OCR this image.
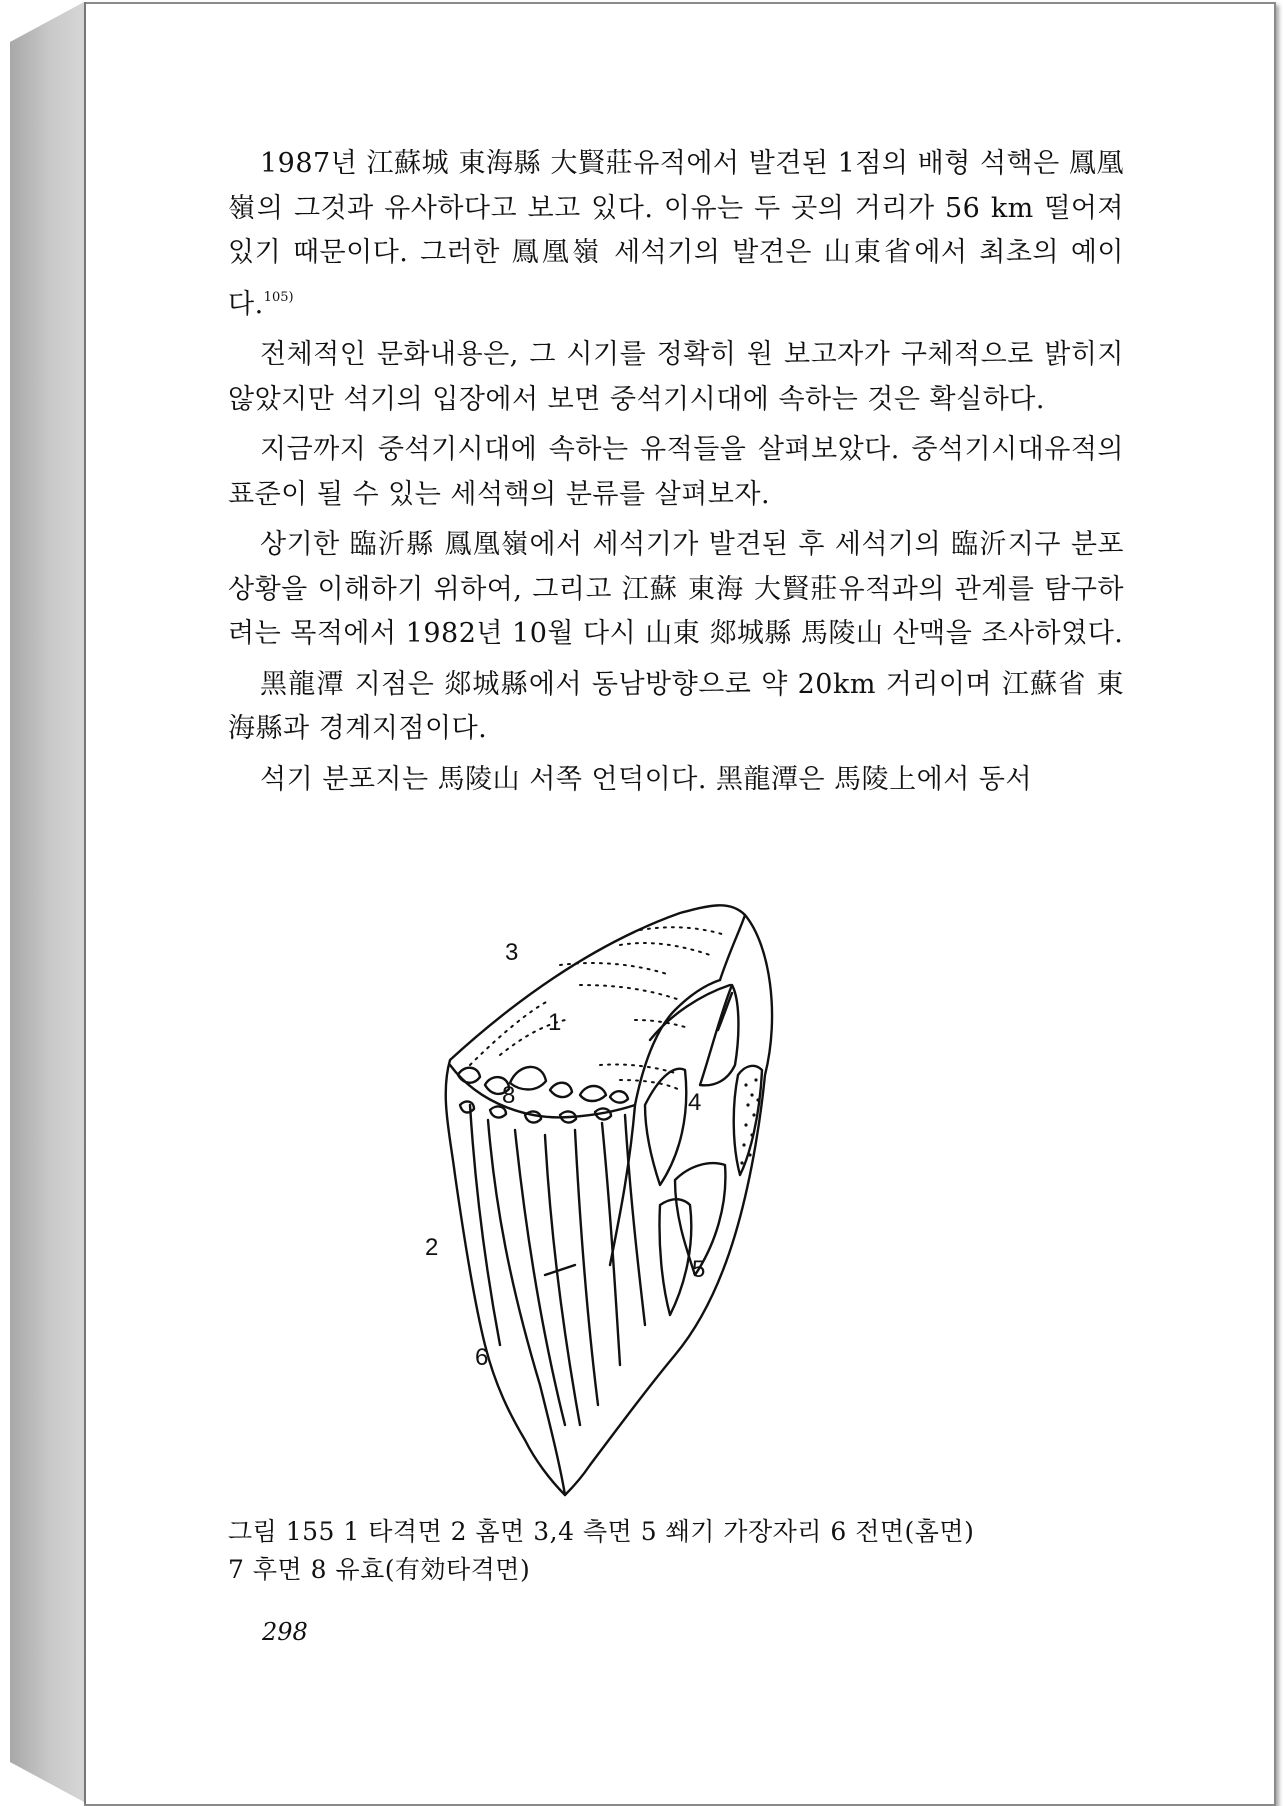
1987년 江蘇城 東海縣 大賢莊유적에서 발견된 1점의 배형 석핵은 鳳凰嶺의 그것과 유사하다고 보고 있다. 이유는 두 곳의 거리가 56 km 떨어져 있기 때문이다. 그러한 鳳凰嶺 세석기의 발견은 山東省에서 최초의 예이다.$^{105)}$

전체적인 문화내용은, 그 시기를 정확히 원 보고자가 구체적으로 밝히지 않았지만 석기의 입장에서 보면 중석기시대에 속하는 것은 확실하다.

지금까지 중석기시대에 속하는 유적들을 살펴보았다. 중석기시대유적의 표준이 될 수 있는 세석핵의 분류를 살펴보자.

상기한 臨沂縣 鳳凰嶺에서 세석기가 발견된 후 세석기의 臨沂지구 분포상황을 이해하기 위하여, 그리고 江蘇 東海 大賢莊유적과의 관계를 탐구하려는 목적에서 1982년 10월 다시 山東 郯城縣 馬陵山 산맥을 조사하였다.

黑龍潭 지점은 郯城縣에서 동남방향으로 약 20km 거리이며 江蘇省 東海縣과 경계지점이다.

석기 분포지는 馬陵山 서쪽 언덕이다. 黑龍潭은 馬陵上에서 동서

1
2
3
4
5
6
8
그림 155 1 타격면 2 홈면 3,4 측면 5 쐐기 가장자리 6 전면(홈면)
7 후면 8 유효(有効타격면)
298
